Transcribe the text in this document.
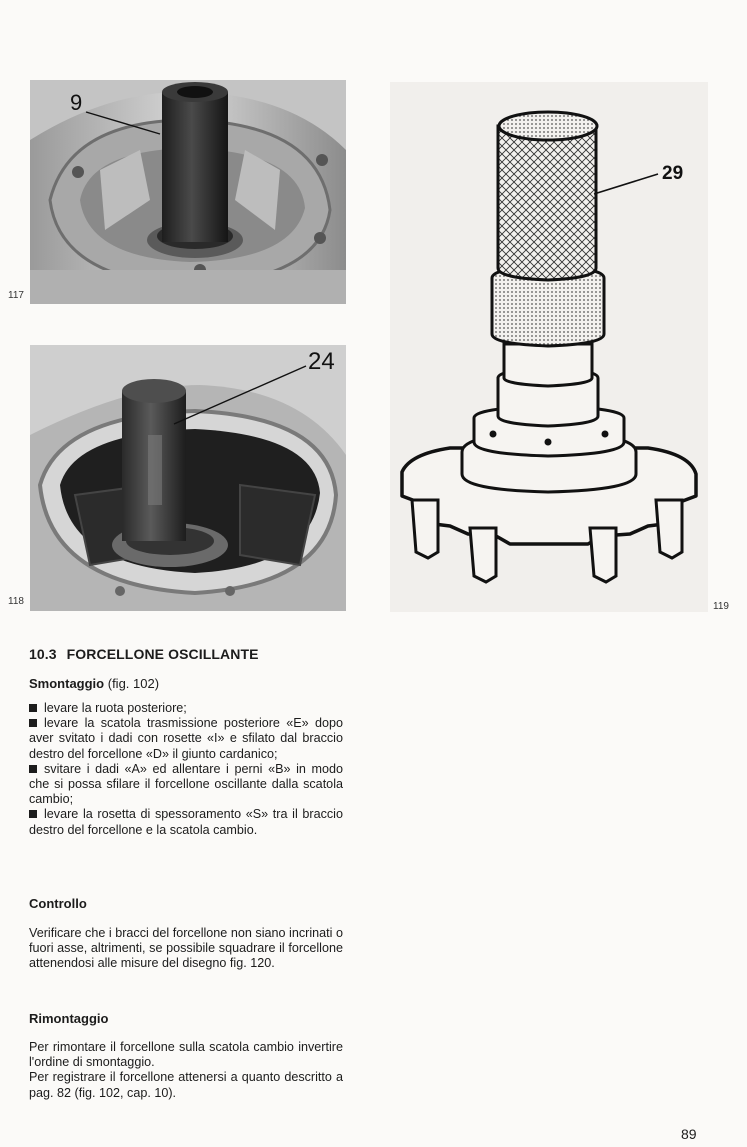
9
117
24
118
29
119
10.3 FORCELLONE OSCILLANTE
Smontaggio (fig. 102)

levare la ruota posteriore;

levare la scatola trasmissione posteriore «E» dopo aver svitato i dadi con rosette «I» e sfilato dal braccio destro del forcellone «D» il giunto cardanico;

svitare i dadi «A» ed allentare i perni «B» in modo che si possa sfilare il forcellone oscillante dalla scatola cambio;

levare la rosetta di spessoramento «S» tra il braccio destro del forcellone e la scatola cambio.

Controllo

Verificare che i bracci del forcellone non siano incrinati o fuori asse, altrimenti, se possibile squadrare il forcellone attenendosi alle misure del disegno fig. 120.

Rimontaggio

Per rimontare il forcellone sulla scatola cambio invertire l'ordine di smontaggio.

Per registrare il forcellone attenersi a quanto descritto a pag. 82 (fig. 102, cap. 10).

89
